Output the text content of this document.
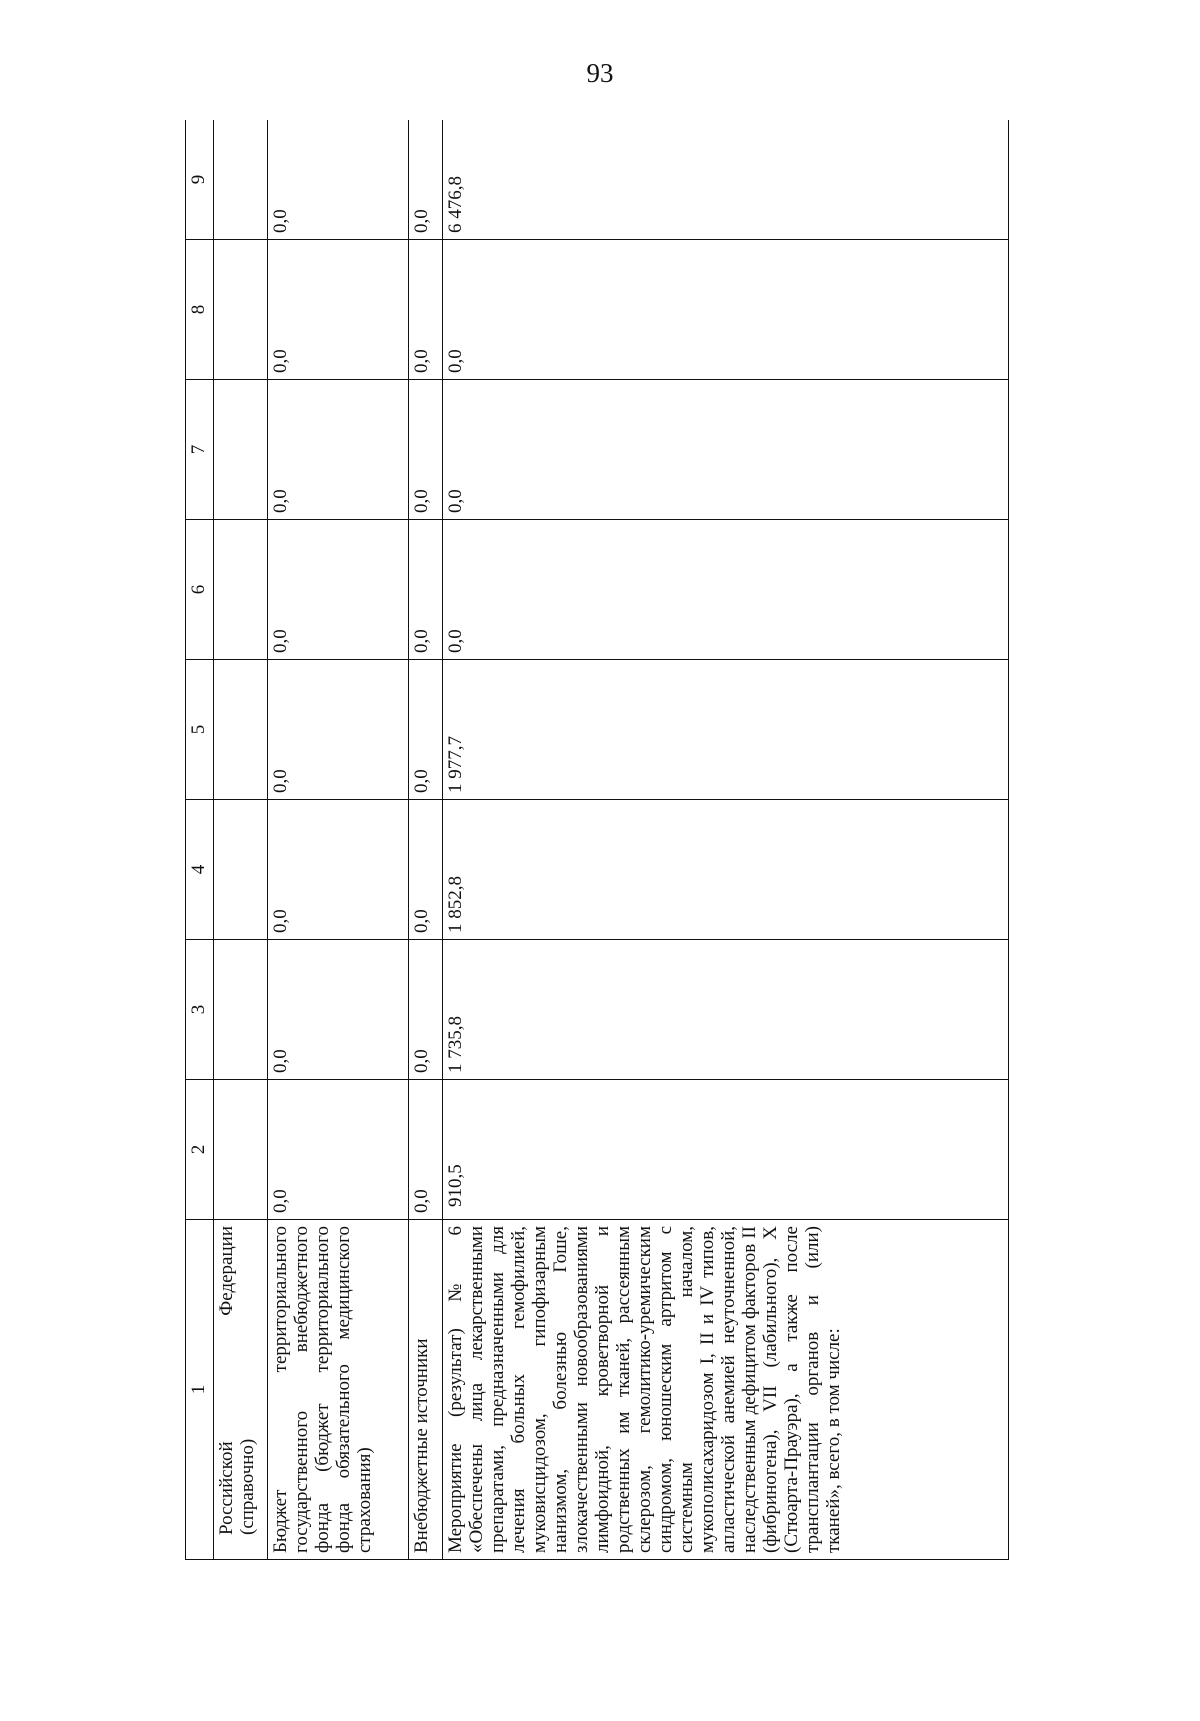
93
1	2	3	4	5	6	7	8	9

Российской Федерации (справочно)								

Бюджет территориального государственного внебюджетного фонда (бюджет территориального фонда обязательного медицинского страхования)	0,0	0,0	0,0	0,0	0,0	0,0	0,0	0,0
Внебюджетные источники	0,0	0,0	0,0	0,0	0,0	0,0	0,0	0,0
Мероприятие (результат) № 6 «Обеспечены лица лекарственными препаратами, предназначенными для лечения больных гемофилией, муковисцидозом, гипофизарным нанизмом, болезнью Гоше, злокачественными новообразованиями лимфоидной, кроветворной и родственных им тканей, рассеянным склерозом, гемолитико-уремическим синдромом, юношеским артритом с системным началом, мукополисахаридозом I, II и IV типов, апластической анемией неуточненной, наследственным дефицитом факторов II (фибриногена), VII (лабильного), X (Стюарта-Прауэра), а также после трансплантации органов и (или) тканей», всего, в том числе:	910,5	1 735,8	1 852,8	1 977,7	0,0	0,0	0,0	6 476,8
